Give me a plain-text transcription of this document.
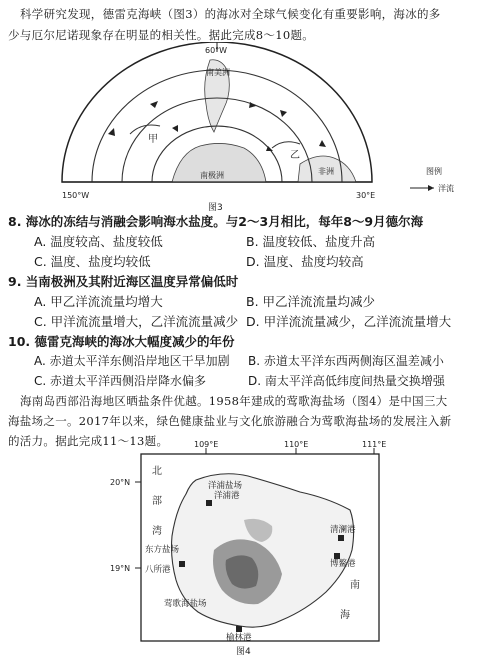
科学研究发现，德雷克海峡（图3）的海冰对全球气候变化有重要影响，海冰的多
少与厄尔尼诺现象存在明显的相关性。据此完成8～10题。
60°W
150°W	30°E
南美洲
甲
乙
南极洲	非洲	图例
洋流
图3
8. 海冰的冻结与消融会影响海水盐度。与2～3月相比，每年8～9月德尔海
A. 温度较高、盐度较低	B. 温度较低、盐度升高
C. 温度、盐度均较低	D. 温度、盐度均较高
9. 当南极洲及其附近海区温度异常偏低时
A. 甲乙洋流流量均增大	B. 甲乙洋流流量均减少
C. 甲洋流流量增大，乙洋流流量减少 D. 甲洋流流量减少，乙洋流流量增大
10. 德雷克海峡的海冰大幅度减少的年份
A. 赤道太平洋东侧沿岸地区干旱加剧 B. 赤道太平洋东西两侧海区温差减小
C. 赤道太平洋西侧沿岸降水偏多	D. 南太平洋高低纬度间热量交换增强
海南岛西部沿海地区晒盐条件优越。1958年建成的莺歌海盐场（图4）是中国三大
海盐场之一。2017年以来，绿色健康盐业与文化旅游融合为莺歌海盐场的发展注入新
的活力。据此完成11～13题。	109°E	110°E	111°E
20°N
19°N
北
部
湾
南
海
洋浦盐场
洋浦港
东方盐场
八所港
莺歌海盐场
榆林港
清澜港
博鳌港
图4
